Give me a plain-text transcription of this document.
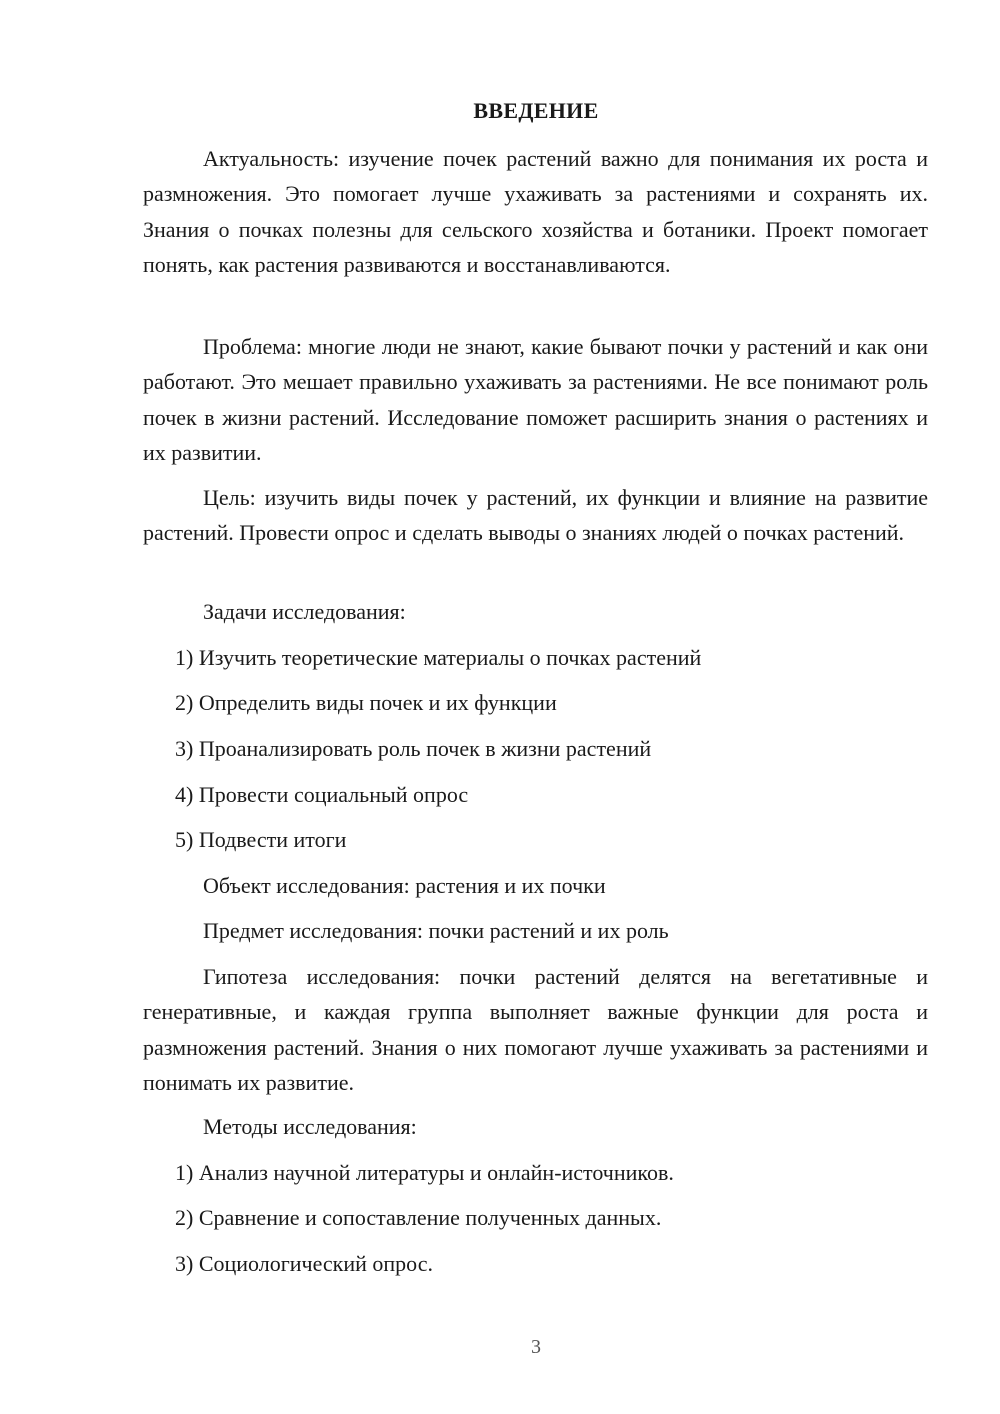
ВВЕДЕНИЕ

Актуальность: изучение почек растений важно для понимания их роста и размножения. Это помогает лучше ухаживать за растениями и сохранять их. Знания о почках полезны для сельского хозяйства и ботаники. Проект помогает понять, как растения развиваются и восстанавливаются.

Проблема: многие люди не знают, какие бывают почки у растений и как они работают. Это мешает правильно ухаживать за растениями. Не все понимают роль почек в жизни растений. Исследование поможет расширить знания о растениях и их развитии.

Цель: изучить виды почек у растений, их функции и влияние на развитие растений. Провести опрос и сделать выводы о знаниях людей о почках растений.

Задачи исследования:
1) Изучить теоретические материалы о почках растений
2) Определить виды почек и их функции
3) Проанализировать роль почек в жизни растений
4) Провести социальный опрос
5) Подвести итоги
Объект исследования: растения и их почки
Предмет исследования: почки растений и их роль

Гипотеза исследования: почки растений делятся на вегетативные и генеративные, и каждая группа выполняет важные функции для роста и размножения растений. Знания о них помогают лучше ухаживать за растениями и понимать их развитие.

Методы исследования:
1) Анализ научной литературы и онлайн-источников.
2) Сравнение и сопоставление полученных данных.
3) Социологический опрос.
3
